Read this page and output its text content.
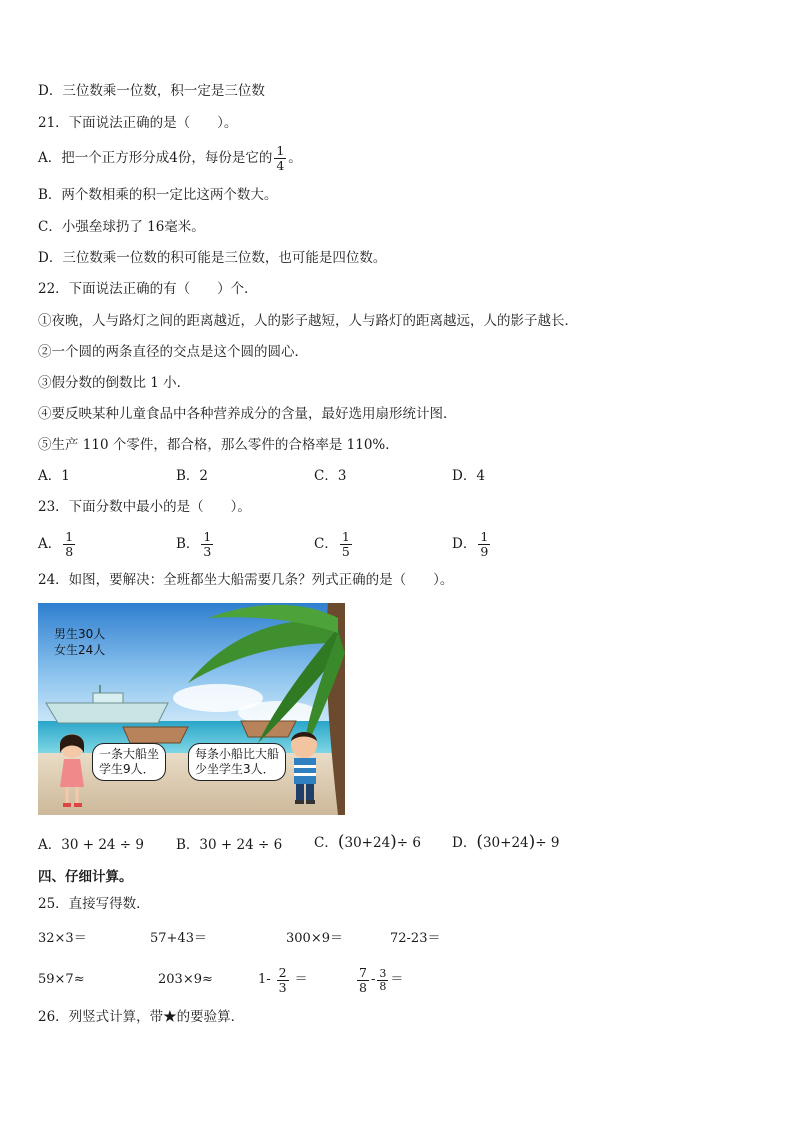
D．三位数乘一位数，积一定是三位数
21．下面说法正确的是（　　）。
A．把一个正方形分成4份，每份是它的 $\frac{1}{4}$ 。
B．两个数相乘的积一定比这两个数大。
C．小强垒球扔了 16毫米。
D．三位数乘一位数的积可能是三位数，也可能是四位数。
22．下面说法正确的有（　　）个．
①夜晚，人与路灯之间的距离越近，人的影子越短，人与路灯的距离越远，人的影子越长．
②一个圆的两条直径的交点是这个圆的圆心．
③假分数的倒数比 1 小．
④要反映某种儿童食品中各种营养成分的含量，最好选用扇形统计图．
⑤生产 110 个零件，都合格，那么零件的合格率是 110%．
A．1	B．2	C．3	D．4
23．下面分数中最小的是（　　）。
A． $\frac{1}{8}$	B． $\frac{1}{3}$	C． $\frac{1}{5}$	D． $\frac{1}{9}$
24．如图，要解决：全班都坐大船需要几条？列式正确的是（　　）。
男生30人
女生24人
一条大船坐
学生9人．
每条小船比大船
少坐学生3人．
A．30 + 24 ÷ 9 B．30 + 24 ÷ 6 C．(30+24)÷ 6 D．(30+24)÷ 9
四、仔细计算。
25．直接写得数．
32×3＝	57+43＝	300×9＝	72-23＝
59×7≈	203×9≈	$1- \frac{2}{3}$ ＝	$\frac{7}{8} - \frac{3}{8}$ ＝
26．列竖式计算，带★的要验算．
